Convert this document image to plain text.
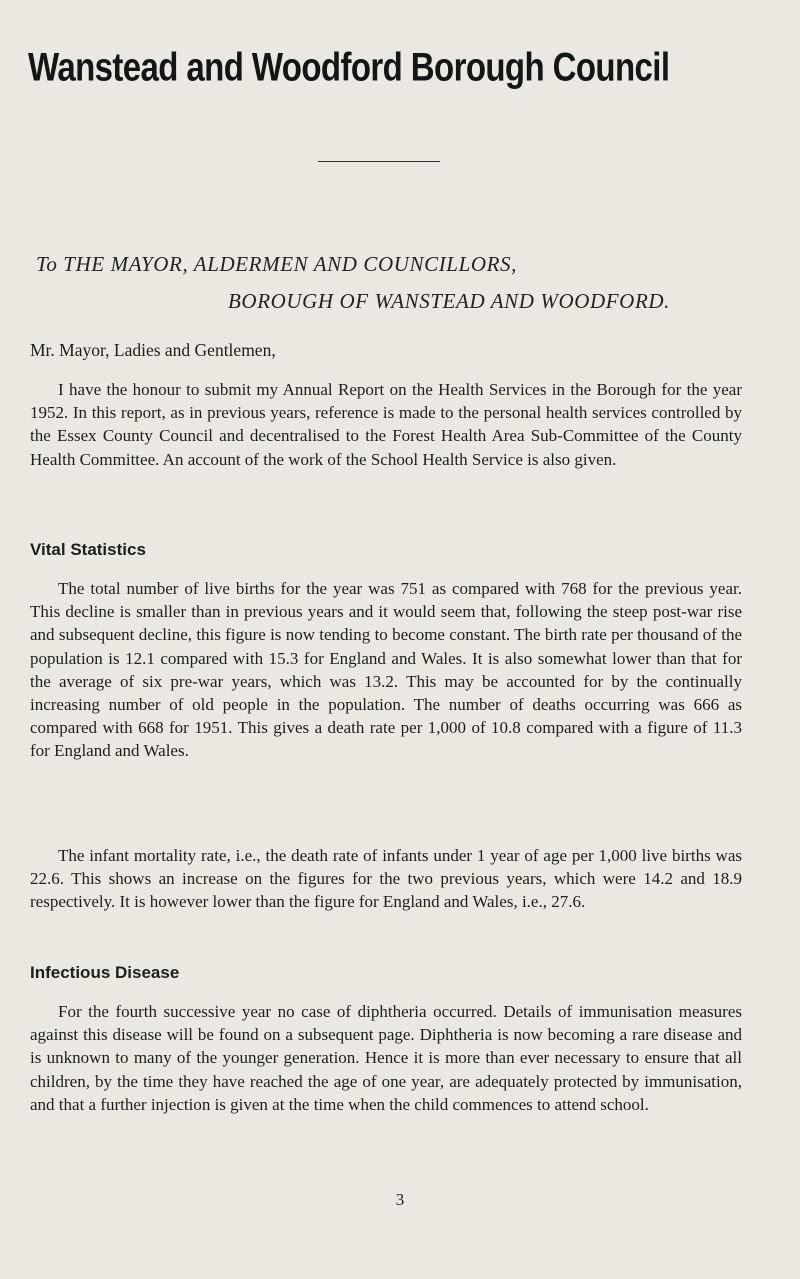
Wanstead and Woodford Borough Council
To THE MAYOR, ALDERMEN AND COUNCILLORS,
BOROUGH OF WANSTEAD AND WOODFORD.
Mr. Mayor, Ladies and Gentlemen,

I have the honour to submit my Annual Report on the Health Services in the Borough for the year 1952. In this report, as in previous years, reference is made to the personal health services controlled by the Essex County Council and decentralised to the Forest Health Area Sub-Committee of the County Health Committee. An account of the work of the School Health Service is also given.

Vital Statistics

The total number of live births for the year was 751 as compared with 768 for the previous year. This decline is smaller than in previous years and it would seem that, following the steep post-war rise and subsequent decline, this figure is now tending to become constant. The birth rate per thousand of the population is 12.1 compared with 15.3 for England and Wales. It is also somewhat lower than that for the average of six pre-war years, which was 13.2. This may be accounted for by the continually increasing number of old people in the population. The number of deaths occurring was 666 as compared with 668 for 1951. This gives a death rate per 1,000 of 10.8 compared with a figure of 11.3 for England and Wales.

The infant mortality rate, i.e., the death rate of infants under 1 year of age per 1,000 live births was 22.6. This shows an increase on the figures for the two previous years, which were 14.2 and 18.9 respectively. It is however lower than the figure for England and Wales, i.e., 27.6.

Infectious Disease

For the fourth successive year no case of diphtheria occurred. Details of immunisation measures against this disease will be found on a subsequent page. Diphtheria is now becoming a rare disease and is unknown to many of the younger generation. Hence it is more than ever necessary to ensure that all children, by the time they have reached the age of one year, are adequately protected by immunisation, and that a further injection is given at the time when the child commences to attend school.

3
